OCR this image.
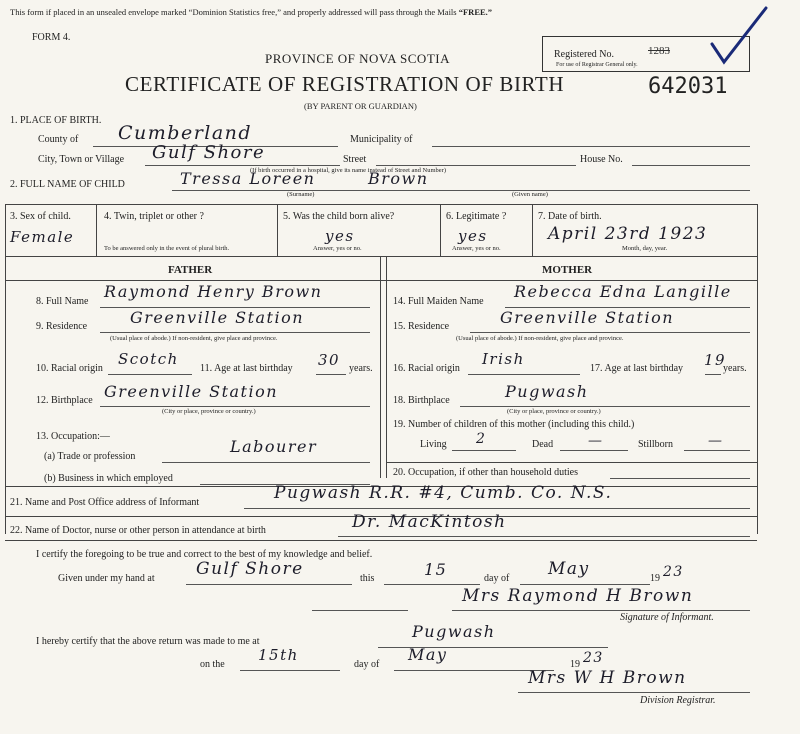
This form if placed in an unsealed envelope marked “Dominion Statistics free,” and properly addressed will pass through the Mails “FREE.”
FORM 4.
PROVINCE OF NOVA SCOTIA
CERTIFICATE OF REGISTRATION OF BIRTH
(BY PARENT OR GUARDIAN)
Registered No.
For use of Registrar General only.
1283
642031
1. PLACE OF BIRTH.
County of Cumberland	Municipality of
City, Town or Village Gulf Shore	Street
(If birth occurred in a hospital, give its name instead of Street and Number)
House No.
2. FULL NAME OF CHILD	Tressa Loreen	Brown
(Surname)	(Given name)
3. Sex of child.
Female
4. Twin, triplet or other ?
To be answered only in the event of plural birth.
5. Was the child born alive?
yes
Answer, yes or no.
6. Legitimate ?
yes
Answer, yes or no.
7. Date of birth.
April 23rd 1923
Month, day, year.
FATHER	MOTHER
8. Full Name
Raymond Henry Brown
9. Residence	Greenville Station
(Usual place of abode.) If non-resident, give place and province.
10. Racial origin
Scotch
11. Age at last birthday 30 years.
12. Birthplace Greenville Station
(City or place, province or country.)
13. Occupation:—
(a) Trade or profession
Labourer
(b) Business in which employed
14. Full Maiden Name
Rebecca Edna Langille
15. Residence	Greenville Station
(Usual place of abode.) If non-resident, give place and province.
16. Racial origin
Irish
17. Age at last birthday 19
years.
18. Birthplace	Pugwash
(City or place, province or country.)
19. Number of children of this mother (including this child.)
Living 2	Dead —	Stillborn —
20. Occupation, if other than household duties
21. Name and Post Office address of Informant	Pugwash R.R. #4, Cumb. Co. N.S.
22. Name of Doctor, nurse or other person in attendance at birth	Dr. MacKintosh
I certify the foregoing to be true and correct to the best of my knowledge and belief.
Given under my hand at Gulf Shore	this	15	day of May	19 23
Mrs Raymond H Brown
Signature of Informant.
I hereby certify that the above return was made to me at
Pugwash
on the
15th
day of
May
19 23
Mrs W H Brown
Division Registrar.
